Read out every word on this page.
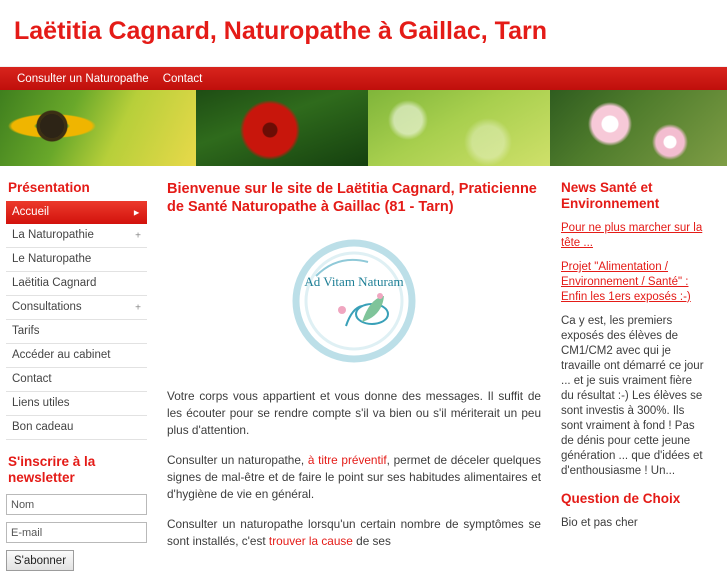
Laëtitia Cagnard, Naturopathe à Gaillac, Tarn
Consulter un Naturopathe	Contact
Présentation
Accueil	►
La Naturopathie	+
Le Naturopathe
Laëtitia Cagnard
Consultations	+
Tarifs
Accéder au cabinet
Contact
Liens utiles
Bon cadeau
S'inscrire à la newsletter
Nom
E-mail S'abonner
Bienvenue sur le site de Laëtitia Cagnard, Praticienne de Santé Naturopathe à Gaillac (81 - Tarn)
Ad Vitam Naturam

Votre corps vous appartient et vous donne des messages. Il suffit de les écouter pour se rendre compte s'il va bien ou s'il mériterait un peu plus d'attention.

Consulter un naturopathe, à titre préventif, permet de déceler quelques signes de mal-être et de faire le point sur ses habitudes alimentaires et d'hygiène de vie en général.

Consulter un naturopathe lorsqu'un certain nombre de symptômes se sont installés, c'est trouver la cause de ses

News Santé et Environnement
Pour ne plus marcher sur la tête ...
Projet "Alimentation / Environnement / Santé" : Enfin les 1ers exposés :-)

Ca y est, les premiers exposés des élèves de CM1/CM2 avec qui je travaille ont démarré ce jour ... et je suis vraiment fière du résultat :-) Les élèves se sont investis à 300%. Ils sont vraiment à fond ! Pas de dénis pour cette jeune génération ... que d'idées et d'enthousiasme ! Un...

Question de Choix

Bio et pas cher
